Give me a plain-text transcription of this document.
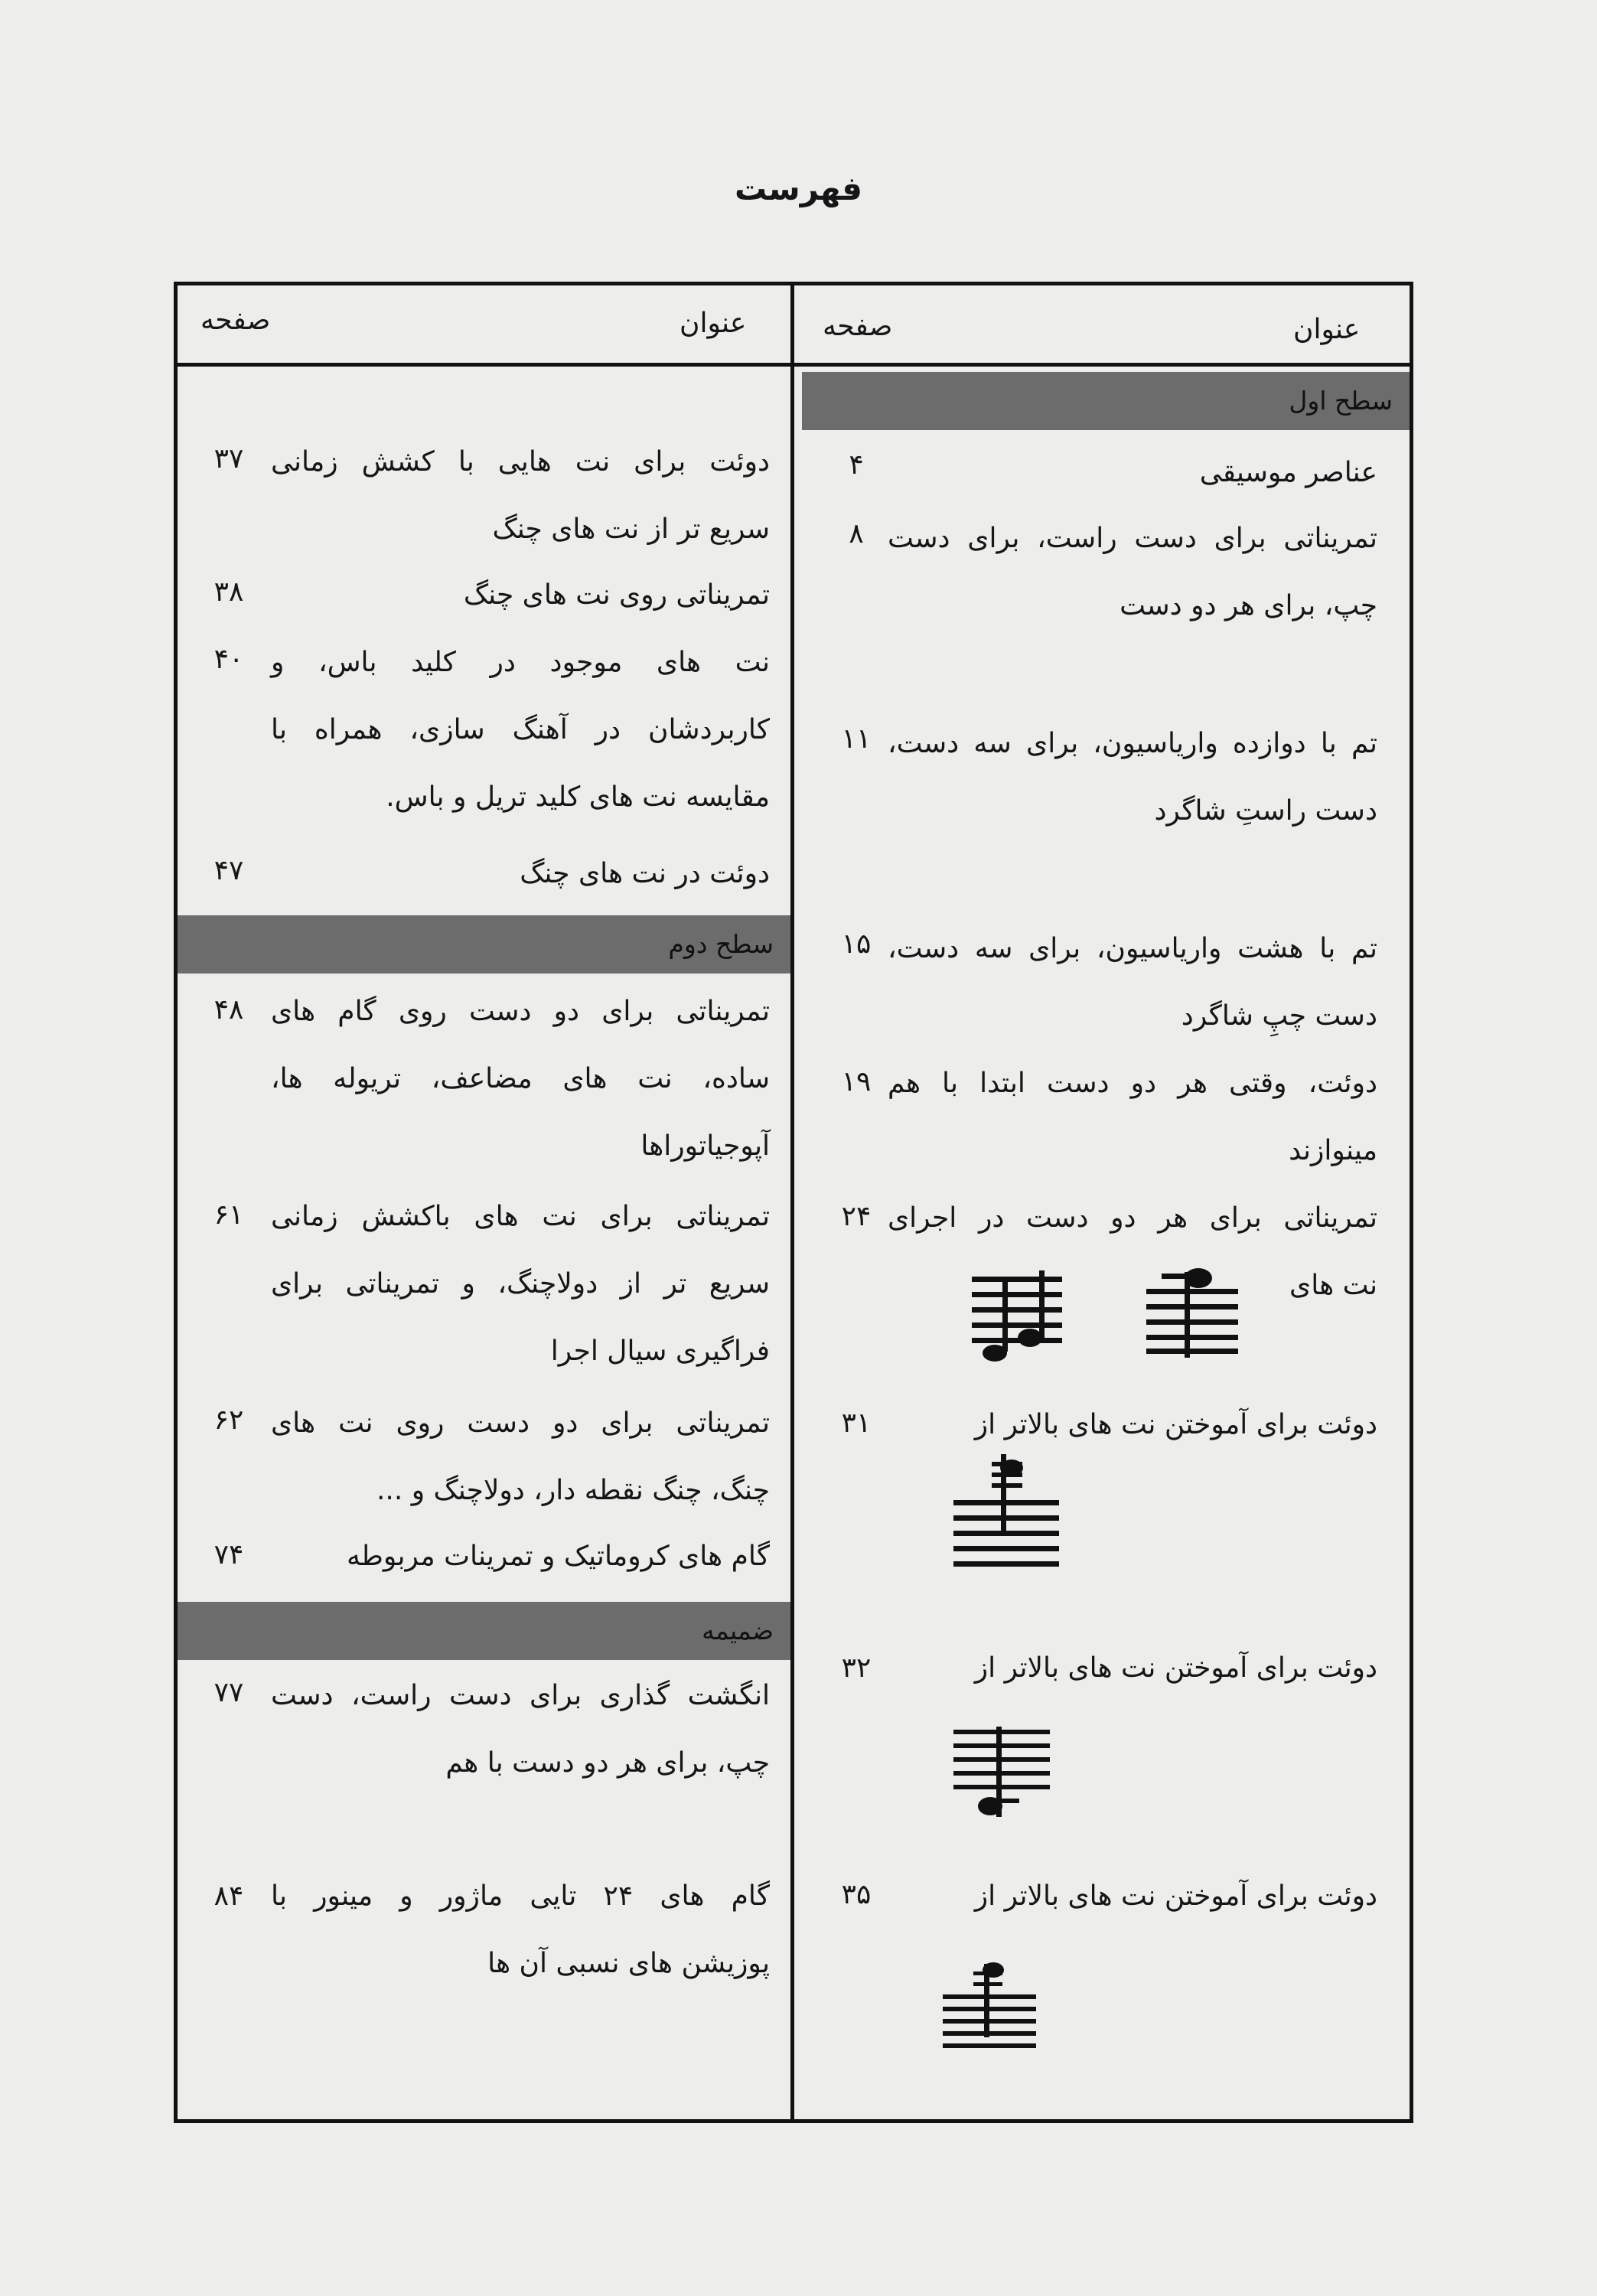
فهرست
عنوان
صفحه
عنوان
صفحه
سطح اول
سطح دوم
ضمیمه
عناصر موسیقی
۴
تمریناتی برای دست راست، برای دست
چپ، برای هر دو دست
۸
تم با دوازده واریاسیون، برای سه دست،
دست راستِ شاگرد
۱۱
تم با هشت واریاسیون، برای سه دست،
دست چپِ شاگرد
۱۵
دوئت، وقتی هر دو دست ابتدا با هم
مینوازند
۱۹
تمریناتی برای هر دو دست در اجرای
نت های
۲۴
دوئت برای آموختن نت های بالاتر از
۳۱
دوئت برای آموختن نت های بالاتر از
۳۲
دوئت برای آموختن نت های بالاتر از
۳۵
دوئت برای نت هایی با کشش زمانی
سریع تر از نت های چنگ
۳۷
تمریناتی روی نت های چنگ
۳۸
نت های موجود در کلید باس، و
کاربردشان در آهنگ سازی، همراه با
مقایسه نت های کلید تریل و باس.
۴۰
دوئت در نت های چنگ
۴۷
تمریناتی برای دو دست روی گام های
ساده، نت های مضاعف، تریوله ها،
آپوجیاتوراها
۴۸
تمریناتی برای نت های باکشش زمانی
سریع تر از دولاچنگ، و تمریناتی برای
فراگیری سیال اجرا
۶۱
تمریناتی برای دو دست روی نت های
چنگ، چنگ نقطه دار، دولاچنگ و ...
۶۲
گام های کروماتیک و تمرینات مربوطه
۷۴
انگشت گذاری برای دست راست، دست
چپ، برای هر دو دست با هم
۷۷
گام های ۲۴ تایی ماژور و مینور با
پوزیشن های نسبی آن ها
۸۴
